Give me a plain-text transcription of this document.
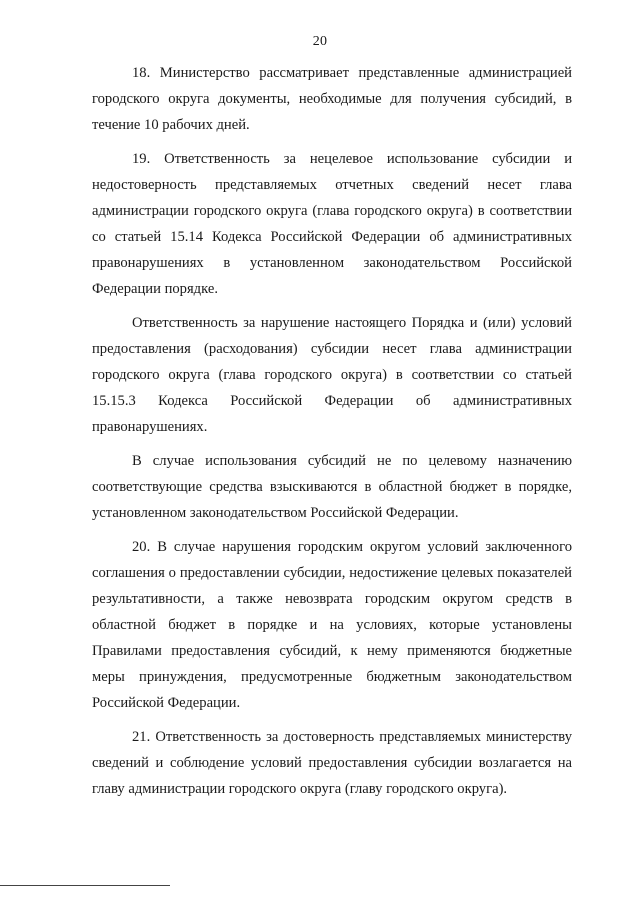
20

18. Министерство рассматривает представленные администрацией городского округа документы, необходимые для получения субсидий, в течение 10 рабочих дней.

19. Ответственность за нецелевое использование субсидии и недостоверность представляемых отчетных сведений несет глава администрации городского округа (глава городского округа) в соответствии со статьей 15.14 Кодекса Российской Федерации об административных правонарушениях в установленном законодательством Российской Федерации порядке.

Ответственность за нарушение настоящего Порядка и (или) условий предоставления (расходования) субсидии несет глава администрации городского округа (глава городского округа) в соответствии со статьей 15.15.3 Кодекса Российской Федерации об административных правонарушениях.

В случае использования субсидий не по целевому назначению соответствующие средства взыскиваются в областной бюджет в порядке, установленном законодательством Российской Федерации.

20. В случае нарушения городским округом условий заключенного соглашения о предоставлении субсидии, недостижение целевых показателей результативности, а также невозврата городским округом средств в областной бюджет в порядке и на условиях, которые установлены Правилами предоставления субсидий, к нему применяются бюджетные меры принуждения, предусмотренные бюджетным законодательством Российской Федерации.

21. Ответственность за достоверность представляемых министерству сведений и соблюдение условий предоставления субсидии возлагается на главу администрации городского округа (главу городского округа).
